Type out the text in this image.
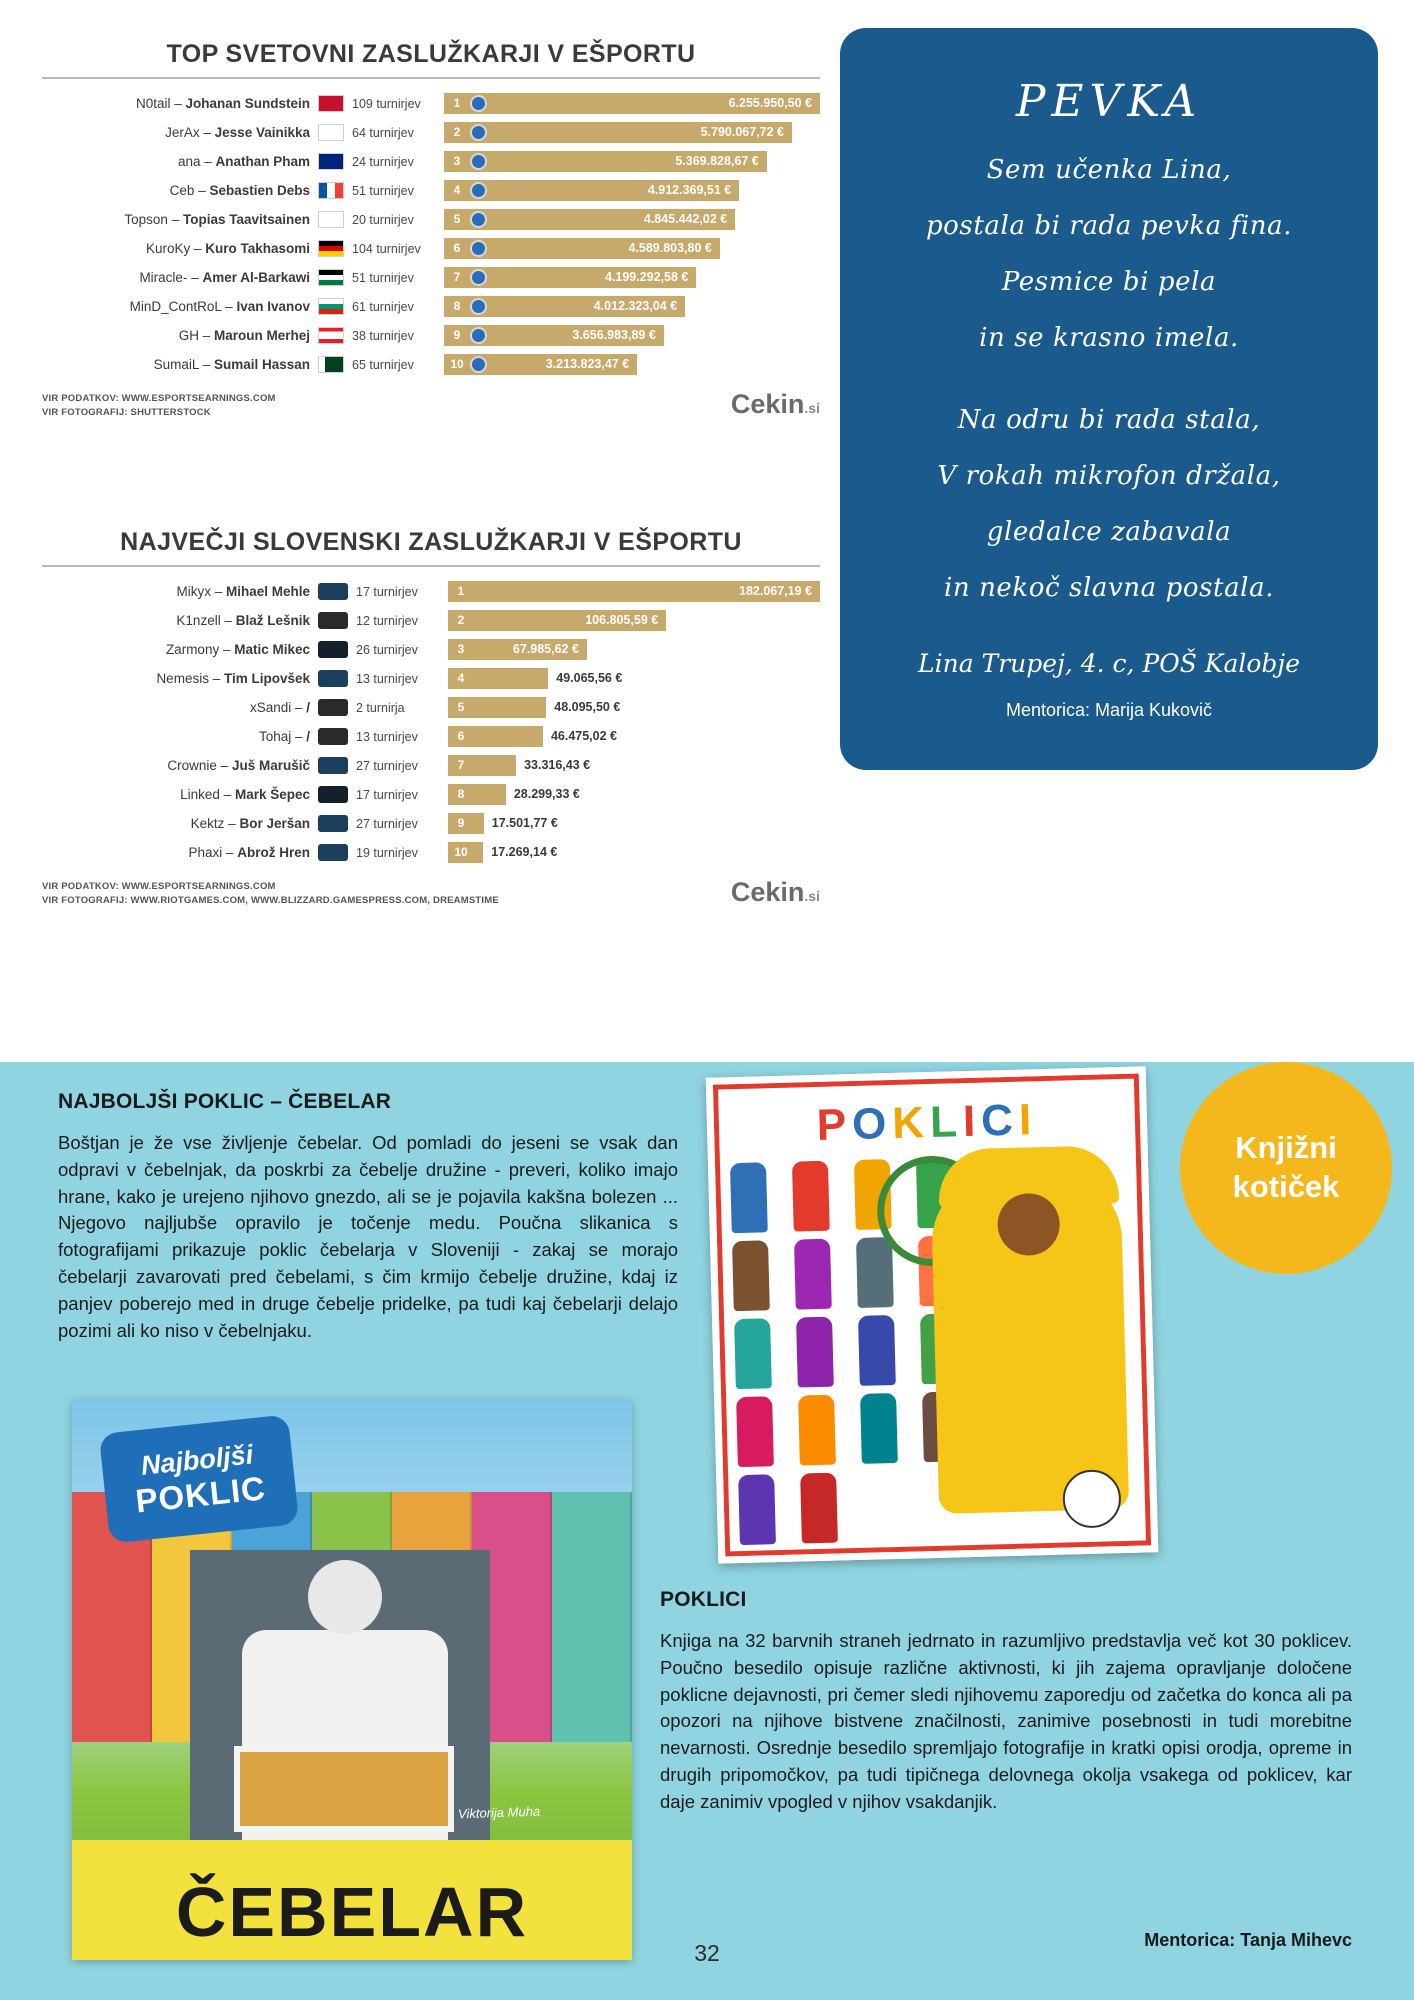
TOP SVETOVNI ZASLUŽKARJI V EŠPORTU
N0tail – Johanan Sundstein	109 turnirjev	1	6.255.950,50 €
JerAx – Jesse Vainikka	64 turnirjev	2	5.790.067,72 €
ana – Anathan Pham	24 turnirjev	3	5.369.828,67 €
Ceb – Sebastien Debs	51 turnirjev	4	4.912.369,51 €
Topson – Topias Taavitsainen	20 turnirjev	5	4.845.442,02 €
KuroKy – Kuro Takhasomi	104 turnirjev	6	4.589.803,80 €
Miracle- – Amer Al-Barkawi	51 turnirjev	7	4.199.292,58 €
MinD_ContRoL – Ivan Ivanov	61 turnirjev	8	4.012.323,04 €
GH – Maroun Merhej	38 turnirjev	9	3.656.983,89 €
SumaiL – Sumail Hassan	65 turnirjev	10	3.213.823,47 €
VIR PODATKOV: WWW.ESPORTSEARNINGS.COM
VIR FOTOGRAFIJ: SHUTTERSTOCK	Cekin.si
NAJVEČJI SLOVENSKI ZASLUŽKARJI V EŠPORTU
Mikyx – Mihael Mehle	17 turnirjev	1	182.067,19 €
K1nzell – Blaž Lešnik	12 turnirjev	2	106.805,59 €
Zarmony – Matic Mikec	26 turnirjev	3	67.985,62 €
Nemesis – Tim Lipovšek	13 turnirjev	4	49.065,56 €
xSandi – /	2 turnirja	5	48.095,50 €
Tohaj – /	13 turnirjev	6	46.475,02 €
Crownie – Juš Marušič	27 turnirjev	7	33.316,43 €
Linked – Mark Šepec	17 turnirjev	8	28.299,33 €
Kektz – Bor Jeršan	27 turnirjev	9	17.501,77 €
Phaxi – Abrož Hren	19 turnirjev	10 17.269,14 €
VIR PODATKOV: WWW.ESPORTSEARNINGS.COM
VIR FOTOGRAFIJ: WWW.RIOTGAMES.COM, WWW.BLIZZARD.GAMESPRESS.COM, DREAMSTIME	Cekin.si
PEVKA
Sem učenka Lina,
postala bi rada pevka fina.
Pesmice bi pela
in se krasno imela.
Na odru bi rada stala,
V rokah mikrofon držala,
gledalce zabavala
in nekoč slavna postala.
Lina Trupej, 4. c, POŠ Kalobje
Mentorica: Marija Kukovič
Knjižni
kotiček
NAJBOLJŠI POKLIC – ČEBELAR
Boštjan je že vse življenje čebelar. Od pomladi do jeseni se vsak dan odpravi v čebelnjak, da poskrbi za čebelje družine - preveri, koliko imajo hrane, kako je urejeno njihovo gnezdo, ali se je pojavila kakšna bolezen ... Njegovo najljubše opravilo je točenje medu. Poučna slikanica s fotografijami prikazuje poklic čebelarja v Sloveniji - zakaj se morajo čebelarji zavarovati pred čebelami, s čim krmijo čebelje družine, kdaj iz panjev poberejo med in druge čebelje pridelke, pa tudi kaj čebelarji delajo pozimi ali ko niso v čebelnjaku.
Najboljši
POKLIC
Viktorija Muha
ČEBELAR
POKLICI
POKLICI
Knjiga na 32 barvnih straneh jedrnato in razumljivo predstavlja več kot 30 poklicev. Poučno besedilo opisuje različne aktivnosti, ki jih zajema opravljanje določene poklicne dejavnosti, pri čemer sledi njihovemu zaporedju od začetka do konca ali pa opozori na njihove bistvene značilnosti, zanimive posebnosti in tudi morebitne nevarnosti. Osrednje besedilo spremljajo fotografije in kratki opisi orodja, opreme in drugih pripomočkov, pa tudi tipičnega delovnega okolja vsakega od poklicev, kar daje zanimiv vpogled v njihov vsakdanjik.
Mentorica: Tanja Mihevc
32
